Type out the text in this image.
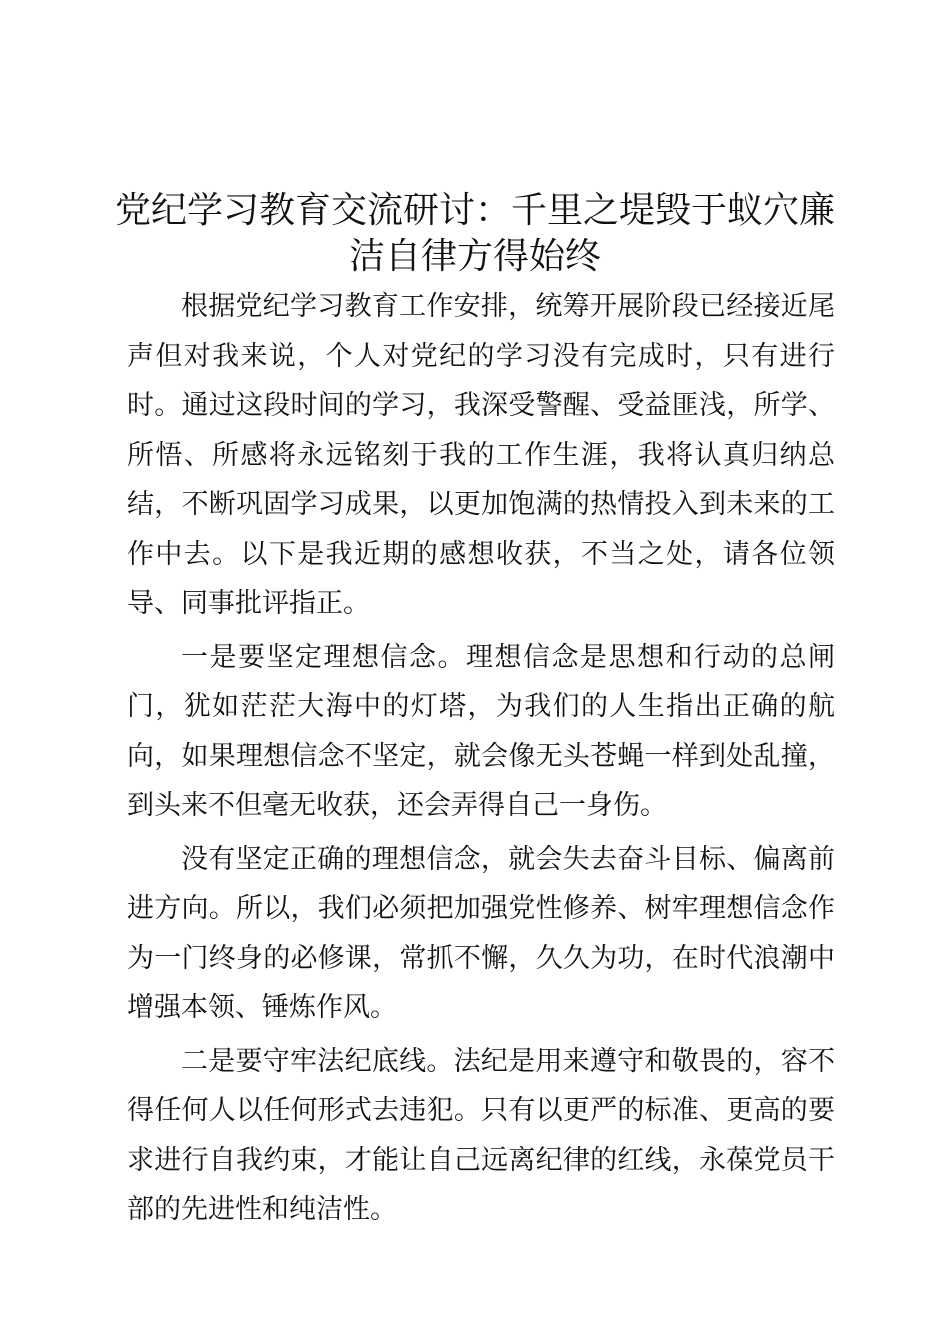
党纪学习教育交流研讨：千里之堤毁于蚁穴廉
洁自律方得始终

根据党纪学习教育工作安排，统筹开展阶段已经接近尾声但对我来说，个人对党纪的学习没有完成时，只有进行时。通过这段时间的学习，我深受警醒、受益匪浅，所学、所悟、所感将永远铭刻于我的工作生涯，我将认真归纳总结，不断巩固学习成果，以更加饱满的热情投入到未来的工作中去。以下是我近期的感想收获，不当之处，请各位领导、同事批评指正。

一是要坚定理想信念。理想信念是思想和行动的总闸门，犹如茫茫大海中的灯塔，为我们的人生指出正确的航向，如果理想信念不坚定，就会像无头苍蝇一样到处乱撞，到头来不但毫无收获，还会弄得自己一身伤。

没有坚定正确的理想信念，就会失去奋斗目标、偏离前进方向。所以，我们必须把加强党性修养、树牢理想信念作为一门终身的必修课，常抓不懈，久久为功，在时代浪潮中增强本领、锤炼作风。

二是要守牢法纪底线。法纪是用来遵守和敬畏的，容不得任何人以任何形式去违犯。只有以更严的标准、更高的要求进行自我约束，才能让自己远离纪律的红线，永葆党员干部的先进性和纯洁性。
